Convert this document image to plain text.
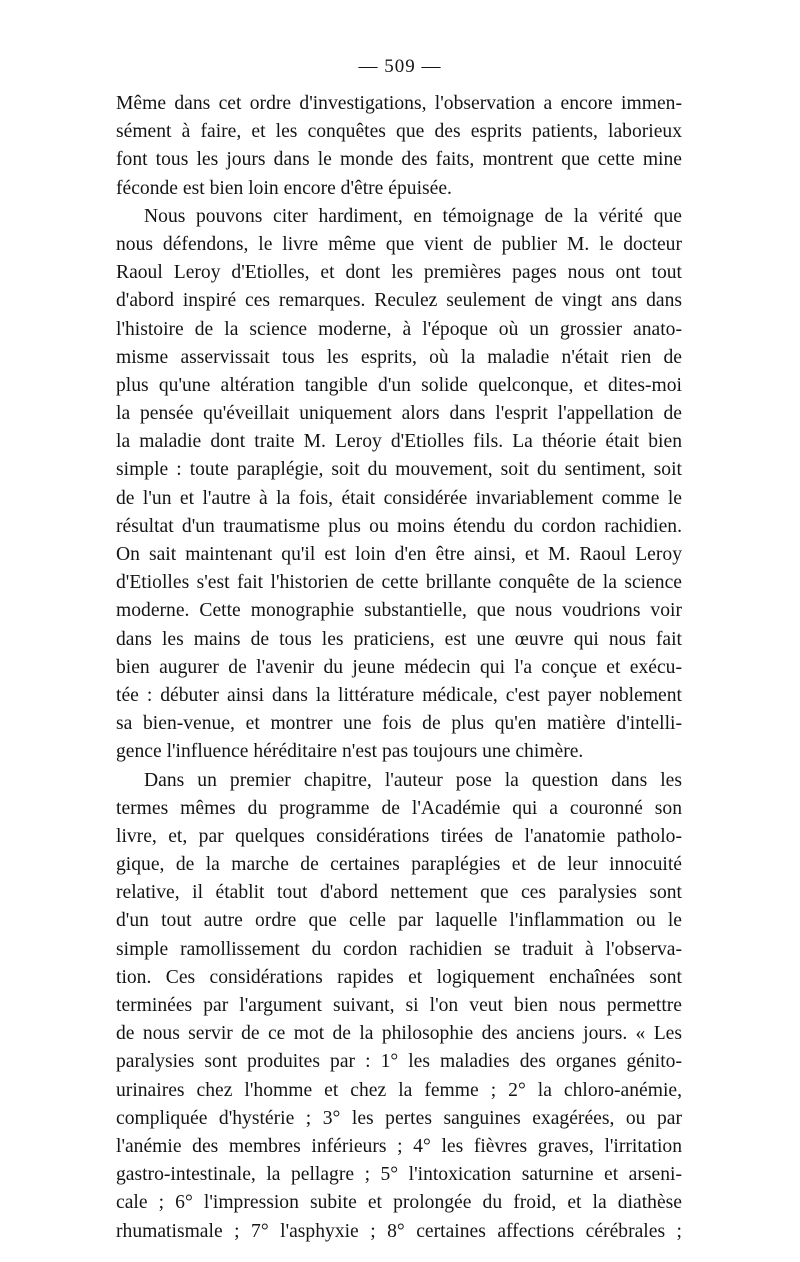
— 509 —
Même dans cet ordre d'investigations, l'observation a encore immen-
sément à faire, et les conquêtes que des esprits patients, laborieux
font tous les jours dans le monde des faits, montrent que cette mine
féconde est bien loin encore d'être épuisée.
Nous pouvons citer hardiment, en témoignage de la vérité que
nous défendons, le livre même que vient de publier M. le docteur
Raoul Leroy d'Etiolles, et dont les premières pages nous ont tout
d'abord inspiré ces remarques. Reculez seulement de vingt ans dans
l'histoire de la science moderne, à l'époque où un grossier anato-
misme asservissait tous les esprits, où la maladie n'était rien de
plus qu'une altération tangible d'un solide quelconque, et dites-moi
la pensée qu'éveillait uniquement alors dans l'esprit l'appellation de
la maladie dont traite M. Leroy d'Etiolles fils. La théorie était bien
simple : toute paraplégie, soit du mouvement, soit du sentiment, soit
de l'un et l'autre à la fois, était considérée invariablement comme le
résultat d'un traumatisme plus ou moins étendu du cordon rachidien.
On sait maintenant qu'il est loin d'en être ainsi, et M. Raoul Leroy
d'Etiolles s'est fait l'historien de cette brillante conquête de la science
moderne. Cette monographie substantielle, que nous voudrions voir
dans les mains de tous les praticiens, est une œuvre qui nous fait
bien augurer de l'avenir du jeune médecin qui l'a conçue et exécu-
tée : débuter ainsi dans la littérature médicale, c'est payer noblement
sa bien-venue, et montrer une fois de plus qu'en matière d'intelli-
gence l'influence héréditaire n'est pas toujours une chimère.
Dans un premier chapitre, l'auteur pose la question dans les
termes mêmes du programme de l'Académie qui a couronné son
livre, et, par quelques considérations tirées de l'anatomie patholo-
gique, de la marche de certaines paraplégies et de leur innocuité
relative, il établit tout d'abord nettement que ces paralysies sont
d'un tout autre ordre que celle par laquelle l'inflammation ou le
simple ramollissement du cordon rachidien se traduit à l'observa-
tion. Ces considérations rapides et logiquement enchaînées sont
terminées par l'argument suivant, si l'on veut bien nous permettre
de nous servir de ce mot de la philosophie des anciens jours. « Les
paralysies sont produites par : 1° les maladies des organes génito-
urinaires chez l'homme et chez la femme ; 2° la chloro-anémie,
compliquée d'hystérie ; 3° les pertes sanguines exagérées, ou par
l'anémie des membres inférieurs ; 4° les fièvres graves, l'irritation
gastro-intestinale, la pellagre ; 5° l'intoxication saturnine et arseni-
cale ; 6° l'impression subite et prolongée du froid, et la diathèse
rhumatismale ; 7° l'asphyxie ; 8° certaines affections cérébrales ;
